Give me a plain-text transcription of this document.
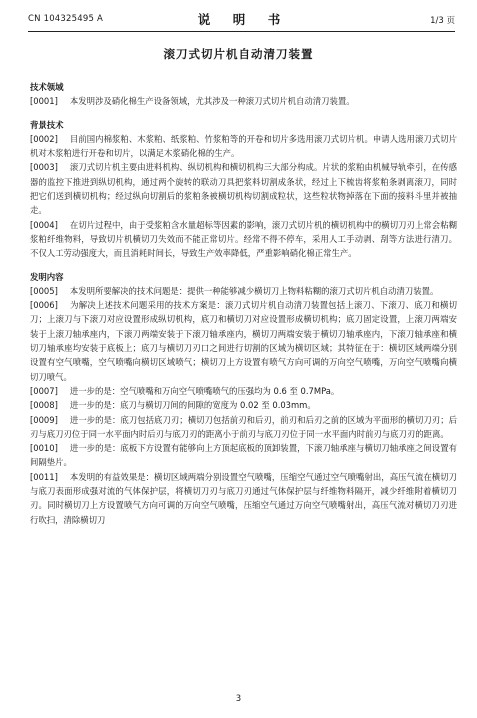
CN 104325495 A	说　明　书	1/3 页
滚刀式切片机自动清刀装置
技术领域

[0001] 本发明涉及硝化棉生产设备领域，尤其涉及一种滚刀式切片机自动清刀装置。

背景技术

[0002] 目前国内棉浆粕、木浆粕、纸浆粕、竹浆粕等的开卷和切片多选用滚刀式切片机。申请人选用滚刀式切片机对木浆粕进行开卷和切片，以满足木浆硝化棉的生产。

[0003] 滚刀式切片机主要由进料机构、纵切机构和横切机构三大部分构成。片状的浆粕由机械导轨牵引，在传感器的监控下推进到纵切机构，通过两个旋转的联动刀具把浆料切割成条状，经过上下梳齿将浆粕条剥离滚刀，同时把它们送到横切机构；经过纵向切割后的浆粕条被横切机构切割成粒状，这些粒状物掉落在下面的接料斗里并被抽走。

[0004] 在切片过程中，由于受浆粕含水量超标等因素的影响，滚刀式切片机的横切机构中的横切刀刃上常会粘糊浆粕纤维物料，导致切片机横切刀失效而不能正常切片。经常不得不停车，采用人工手动剥、刮等方法进行清刀。不仅人工劳动强度大，而且消耗时间长，导致生产效率降低，严重影响硝化棉正常生产。

发明内容

[0005] 本发明所要解决的技术问题是：提供一种能够减少横切刀上物料粘糊的滚刀式切片机自动清刀装置。

[0006] 为解决上述技术问题采用的技术方案是：滚刀式切片机自动清刀装置包括上滚刀、下滚刀、底刀和横切刀；上滚刀与下滚刀对应设置形成纵切机构，底刀和横切刀对应设置形成横切机构；底刀固定设置，上滚刀两端安装于上滚刀轴承座内，下滚刀两端安装于下滚刀轴承座内，横切刀两端安装于横切刀轴承座内，下滚刀轴承座和横切刀轴承座均安装于底板上；底刀与横切刀刃口之间进行切割的区域为横切区域；其特征在于：横切区域两端分别设置有空气喷嘴，空气喷嘴向横切区域喷气；横切刀上方设置有喷气方向可调的万向空气喷嘴，万向空气喷嘴向横切刀喷气。

[0007] 进一步的是：空气喷嘴和万向空气喷嘴喷气的压强均为 0.6 至 0.7MPa。

[0008] 进一步的是：底刀与横切刀间的间隙的宽度为 0.02 至 0.03mm。

[0009] 进一步的是：底刀包括底刀刃；横切刀包括前刃和后刃，前刃和后刃之前的区域为平面形的横切刀刃；后刃与底刀刃位于同一水平面内时后刃与底刀刃的距离小于前刃与底刀刃位于同一水平面内时前刃与底刀刃的距离。

[0010] 进一步的是：底板下方设置有能够向上方顶起底板的顶卸装置，下滚刀轴承座与横切刀轴承座之间设置有间隔垫片。

[0011] 本发明的有益效果是：横切区域两端分别设置空气喷嘴，压缩空气通过空气喷嘴射出，高压气流在横切刀与底刀表面形成强对流的气体保护层，将横切刀刃与底刀刃通过气体保护层与纤维物料隔开，减少纤维附着横切刀刃。同时横切刀上方设置喷气方向可调的万向空气喷嘴，压缩空气通过万向空气喷嘴射出，高压气流对横切刀刃进行吹扫，清除横切刀

3
